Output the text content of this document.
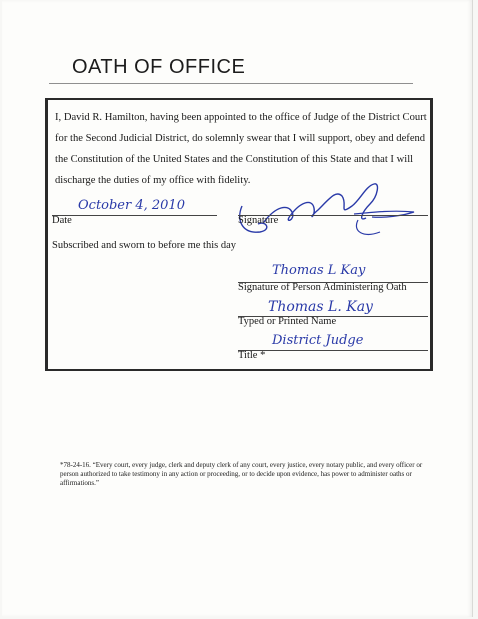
OATH OF OFFICE

I, David R. Hamilton, having been appointed to the office of Judge of the District Court for the Second Judicial District, do solemnly swear that I will support, obey and defend the Constitution of the United States and the Constitution of this State and that I will discharge the duties of my office with fidelity.

October 4, 2010
Date	Signature
Subscribed and sworn to before me this day
Thomas L Kay
Signature of Person Administering Oath
Thomas L. Kay
Typed or Printed Name
District Judge
Title *

*78-24-16. “Every court, every judge, clerk and deputy clerk of any court, every justice, every notary public, and every officer or person authorized to take testimony in any action or proceeding, or to decide upon evidence, has power to administer oaths or affirmations.”
